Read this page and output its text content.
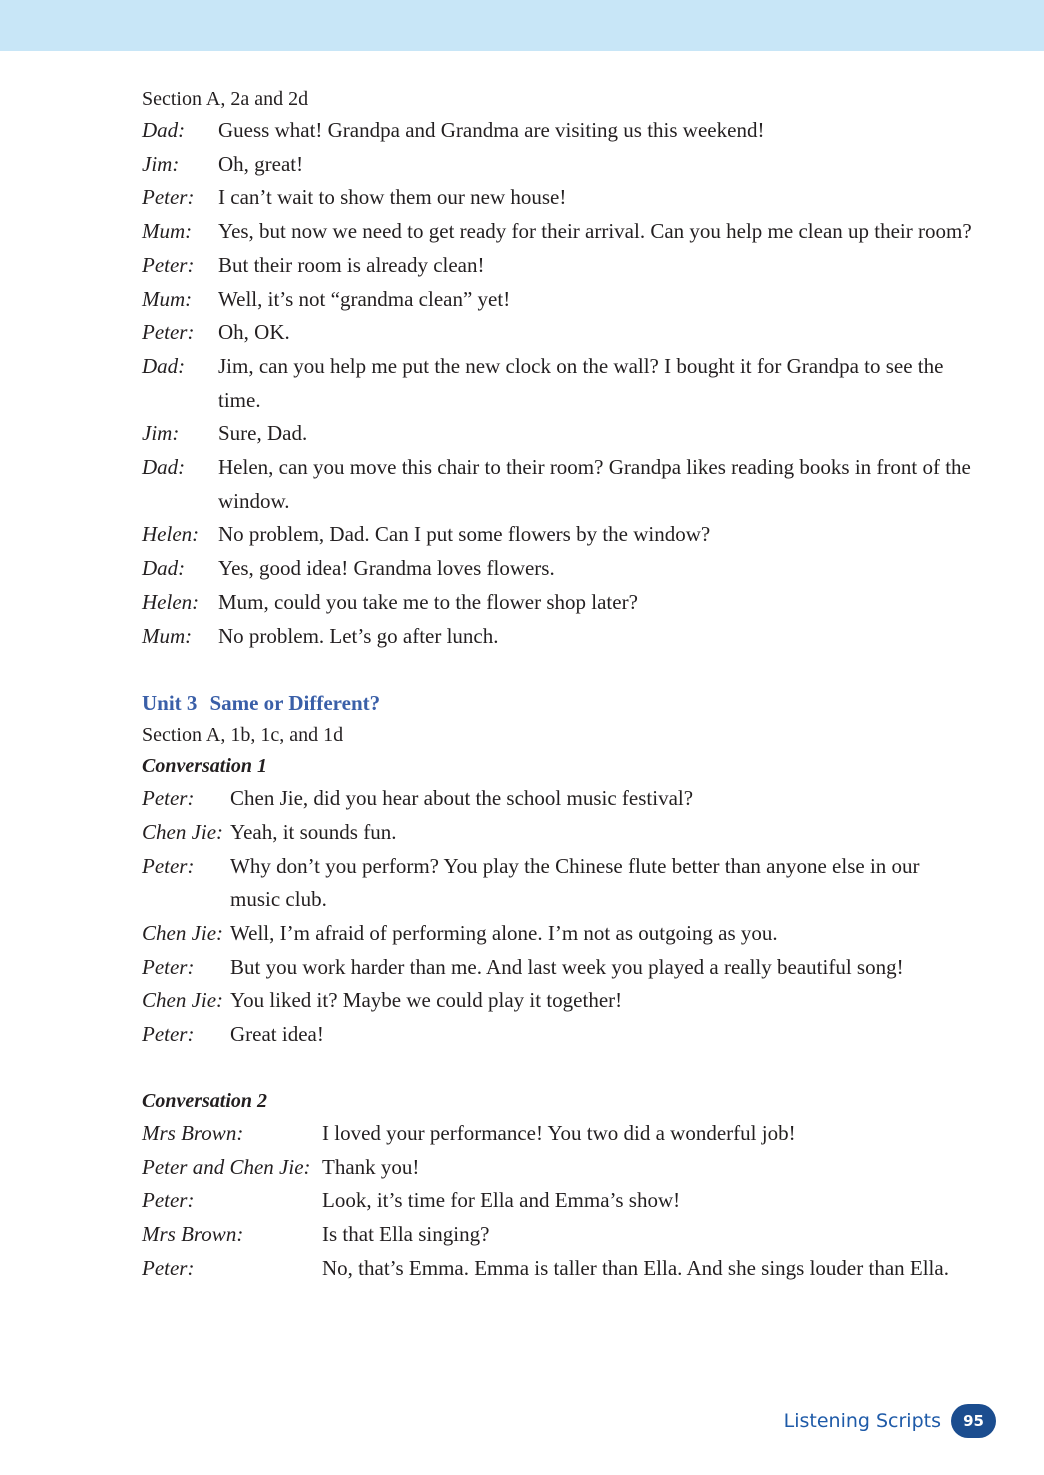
Section A, 2a and 2d
Dad:	Guess what! Grandpa and Grandma are visiting us this weekend!
Jim:	Oh, great!
Peter:	I can’t wait to show them our new house!
Mum:	Yes, but now we need to get ready for their arrival. Can you help me clean up their room?
Peter:	But their room is already clean!
Mum:	Well, it’s not “grandma clean” yet!
Peter:	Oh, OK.
Dad:	Jim, can you help me put the new clock on the wall? I bought it for Grandpa to see the time.
Jim:	Sure, Dad.
Dad:	Helen, can you move this chair to their room? Grandpa likes reading books in front of the window.
Helen: No problem, Dad. Can I put some flowers by the window?
Dad:	Yes, good idea! Grandma loves flowers.
Helen: Mum, could you take me to the flower shop later?
Mum:	No problem. Let’s go after lunch.
Unit 3 Same or Different?
Section A, 1b, 1c, and 1d
Conversation 1
Peter:	Chen Jie, did you hear about the school music festival?
Chen Jie: Yeah, it sounds fun.
Peter:	Why don’t you perform? You play the Chinese flute better than anyone else in our music club.
Chen Jie: Well, I’m afraid of performing alone. I’m not as outgoing as you.
Peter:	But you work harder than me. And last week you played a really beautiful song!
Chen Jie: You liked it? Maybe we could play it together!
Peter:	Great idea!
Conversation 2
Mrs Brown:	I loved your performance! You two did a wonderful job!
Peter and Chen Jie: Thank you!
Peter:	Look, it’s time for Ella and Emma’s show!
Mrs Brown:	Is that Ella singing?
Peter:	No, that’s Emma. Emma is taller than Ella. And she sings louder than Ella.
Listening Scripts	95
